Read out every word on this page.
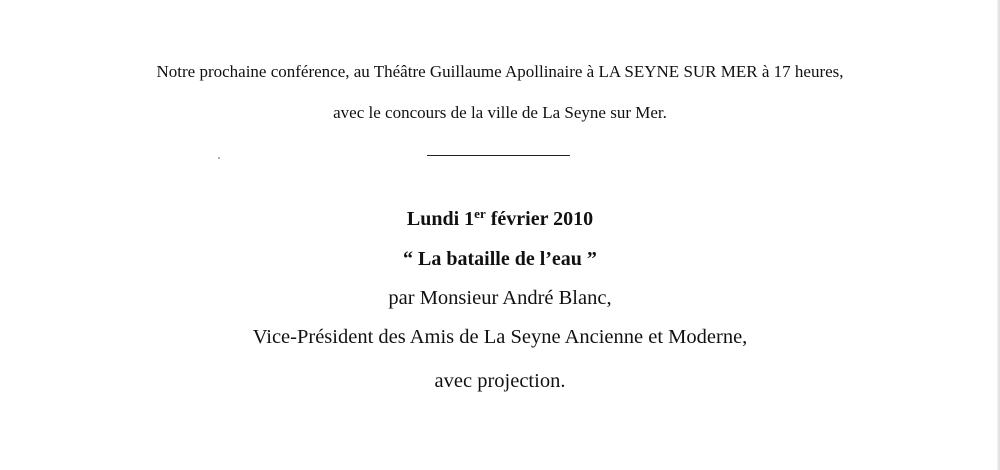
Notre prochaine conférence, au Théâtre Guillaume Apollinaire à LA SEYNE SUR MER à 17 heures,
avec le concours de la ville de La Seyne sur Mer.
Lundi 1er février 2010
“ La bataille de l’eau ”
par Monsieur André Blanc,
Vice-Président des Amis de La Seyne Ancienne et Moderne,
avec projection.
